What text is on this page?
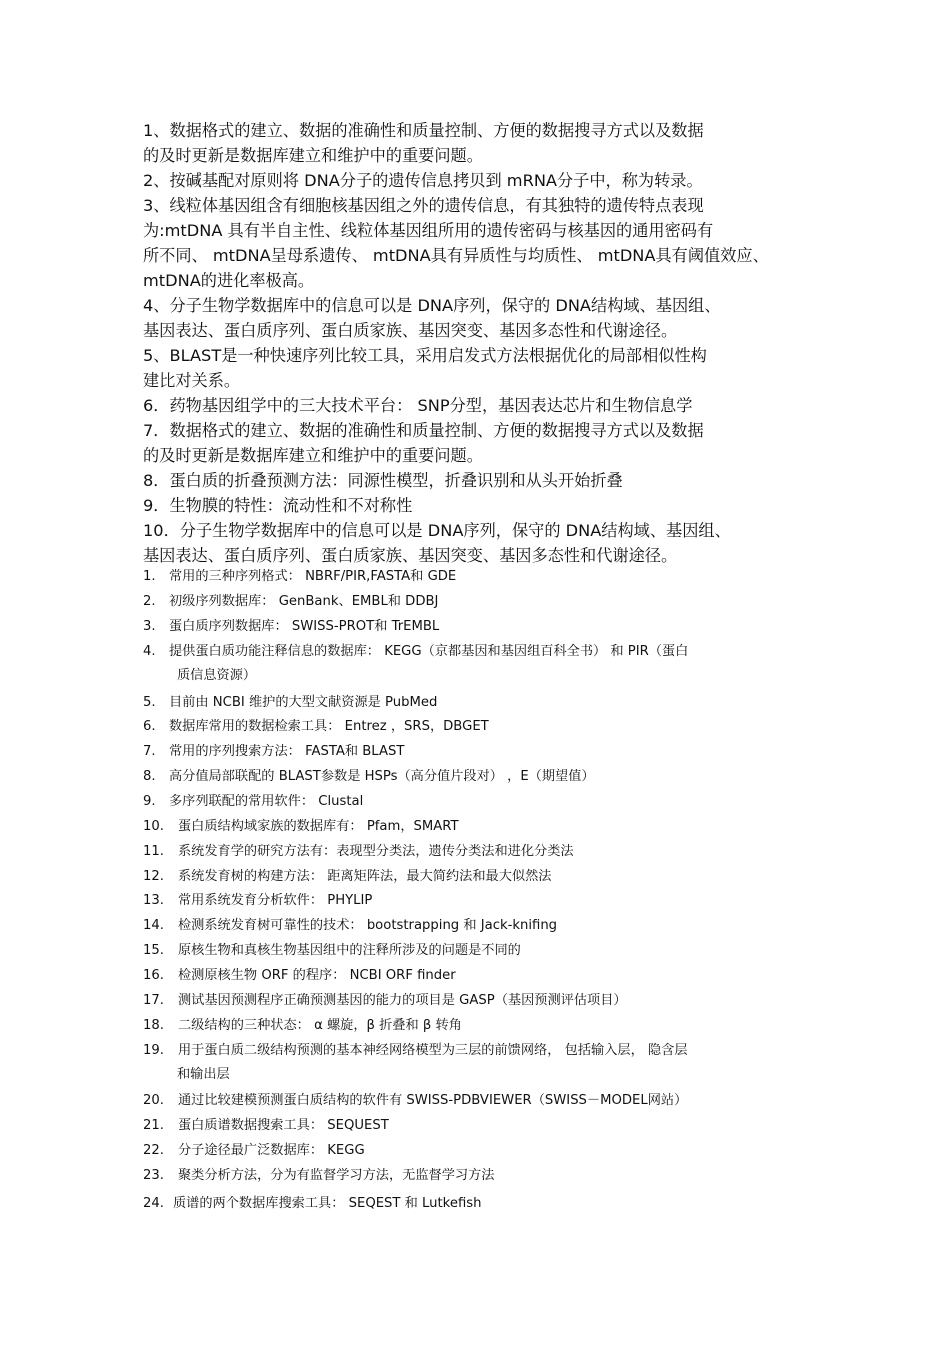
1、数据格式的建立、数据的准确性和质量控制、方便的数据搜寻方式以及数据
的及时更新是数据库建立和维护中的重要问题。
2、按碱基配对原则将 DNA分子的遗传信息拷贝到 mRNA分子中，称为转录。
3、线粒体基因组含有细胞核基因组之外的遗传信息，有其独特的遗传特点表现
为:mtDNA 具有半自主性、线粒体基因组所用的遗传密码与核基因的通用密码有
所不同、 mtDNA呈母系遗传、 mtDNA具有异质性与均质性、 mtDNA具有阈值效应、
mtDNA的进化率极高。
4、分子生物学数据库中的信息可以是 DNA序列，保守的 DNA结构域、基因组、
基因表达、蛋白质序列、蛋白质家族、基因突变、基因多态性和代谢途径。
5、BLAST是一种快速序列比较工具，采用启发式方法根据优化的局部相似性构
建比对关系。
6．药物基因组学中的三大技术平台： SNP分型，基因表达芯片和生物信息学
7．数据格式的建立、数据的准确性和质量控制、方便的数据搜寻方式以及数据
的及时更新是数据库建立和维护中的重要问题。
8．蛋白质的折叠预测方法：同源性模型，折叠识别和从头开始折叠
9．生物膜的特性：流动性和不对称性
10．分子生物学数据库中的信息可以是 DNA序列，保守的 DNA结构域、基因组、
基因表达、蛋白质序列、蛋白质家族、基因突变、基因多态性和代谢途径。
1. 常用的三种序列格式： NBRF/PIR,FASTA和 GDE
2. 初级序列数据库： GenBank、EMBL和 DDBJ
3. 蛋白质序列数据库： SWISS-PROT和 TrEMBL
4. 提供蛋白质功能注释信息的数据库： KEGG（京都基因和基因组百科全书） 和 PIR（蛋白
质信息资源）
5. 目前由 NCBI 维护的大型文献资源是 PubMed
6. 数据库常用的数据检索工具： Entrez ，SRS，DBGET
7. 常用的序列搜索方法： FASTA和 BLAST
8. 高分值局部联配的 BLAST参数是 HSPs（高分值片段对） ，E（期望值）
9. 多序列联配的常用软件： Clustal
10. 蛋白质结构域家族的数据库有： Pfam，SMART
11. 系统发育学的研究方法有：表现型分类法，遗传分类法和进化分类法
12. 系统发育树的构建方法： 距离矩阵法，最大简约法和最大似然法
13. 常用系统发育分析软件： PHYLIP
14. 检测系统发育树可靠性的技术： bootstrapping 和 Jack-knifing
15. 原核生物和真核生物基因组中的注释所涉及的问题是不同的
16. 检测原核生物 ORF 的程序： NCBI ORF finder
17. 测试基因预测程序正确预测基因的能力的项目是 GASP（基因预测评估项目）
18. 二级结构的三种状态： α 螺旋，β 折叠和 β 转角
19. 用于蛋白质二级结构预测的基本神经网络模型为三层的前馈网络， 包括输入层， 隐含层
和输出层
20. 通过比较建模预测蛋白质结构的软件有 SWISS-PDBVIEWER（SWISS－MODEL网站）
21. 蛋白质谱数据搜索工具： SEQUEST
22. 分子途径最广泛数据库： KEGG
23. 聚类分析方法，分为有监督学习方法，无监督学习方法
24. 质谱的两个数据库搜索工具： SEQEST 和 Lutkefish
